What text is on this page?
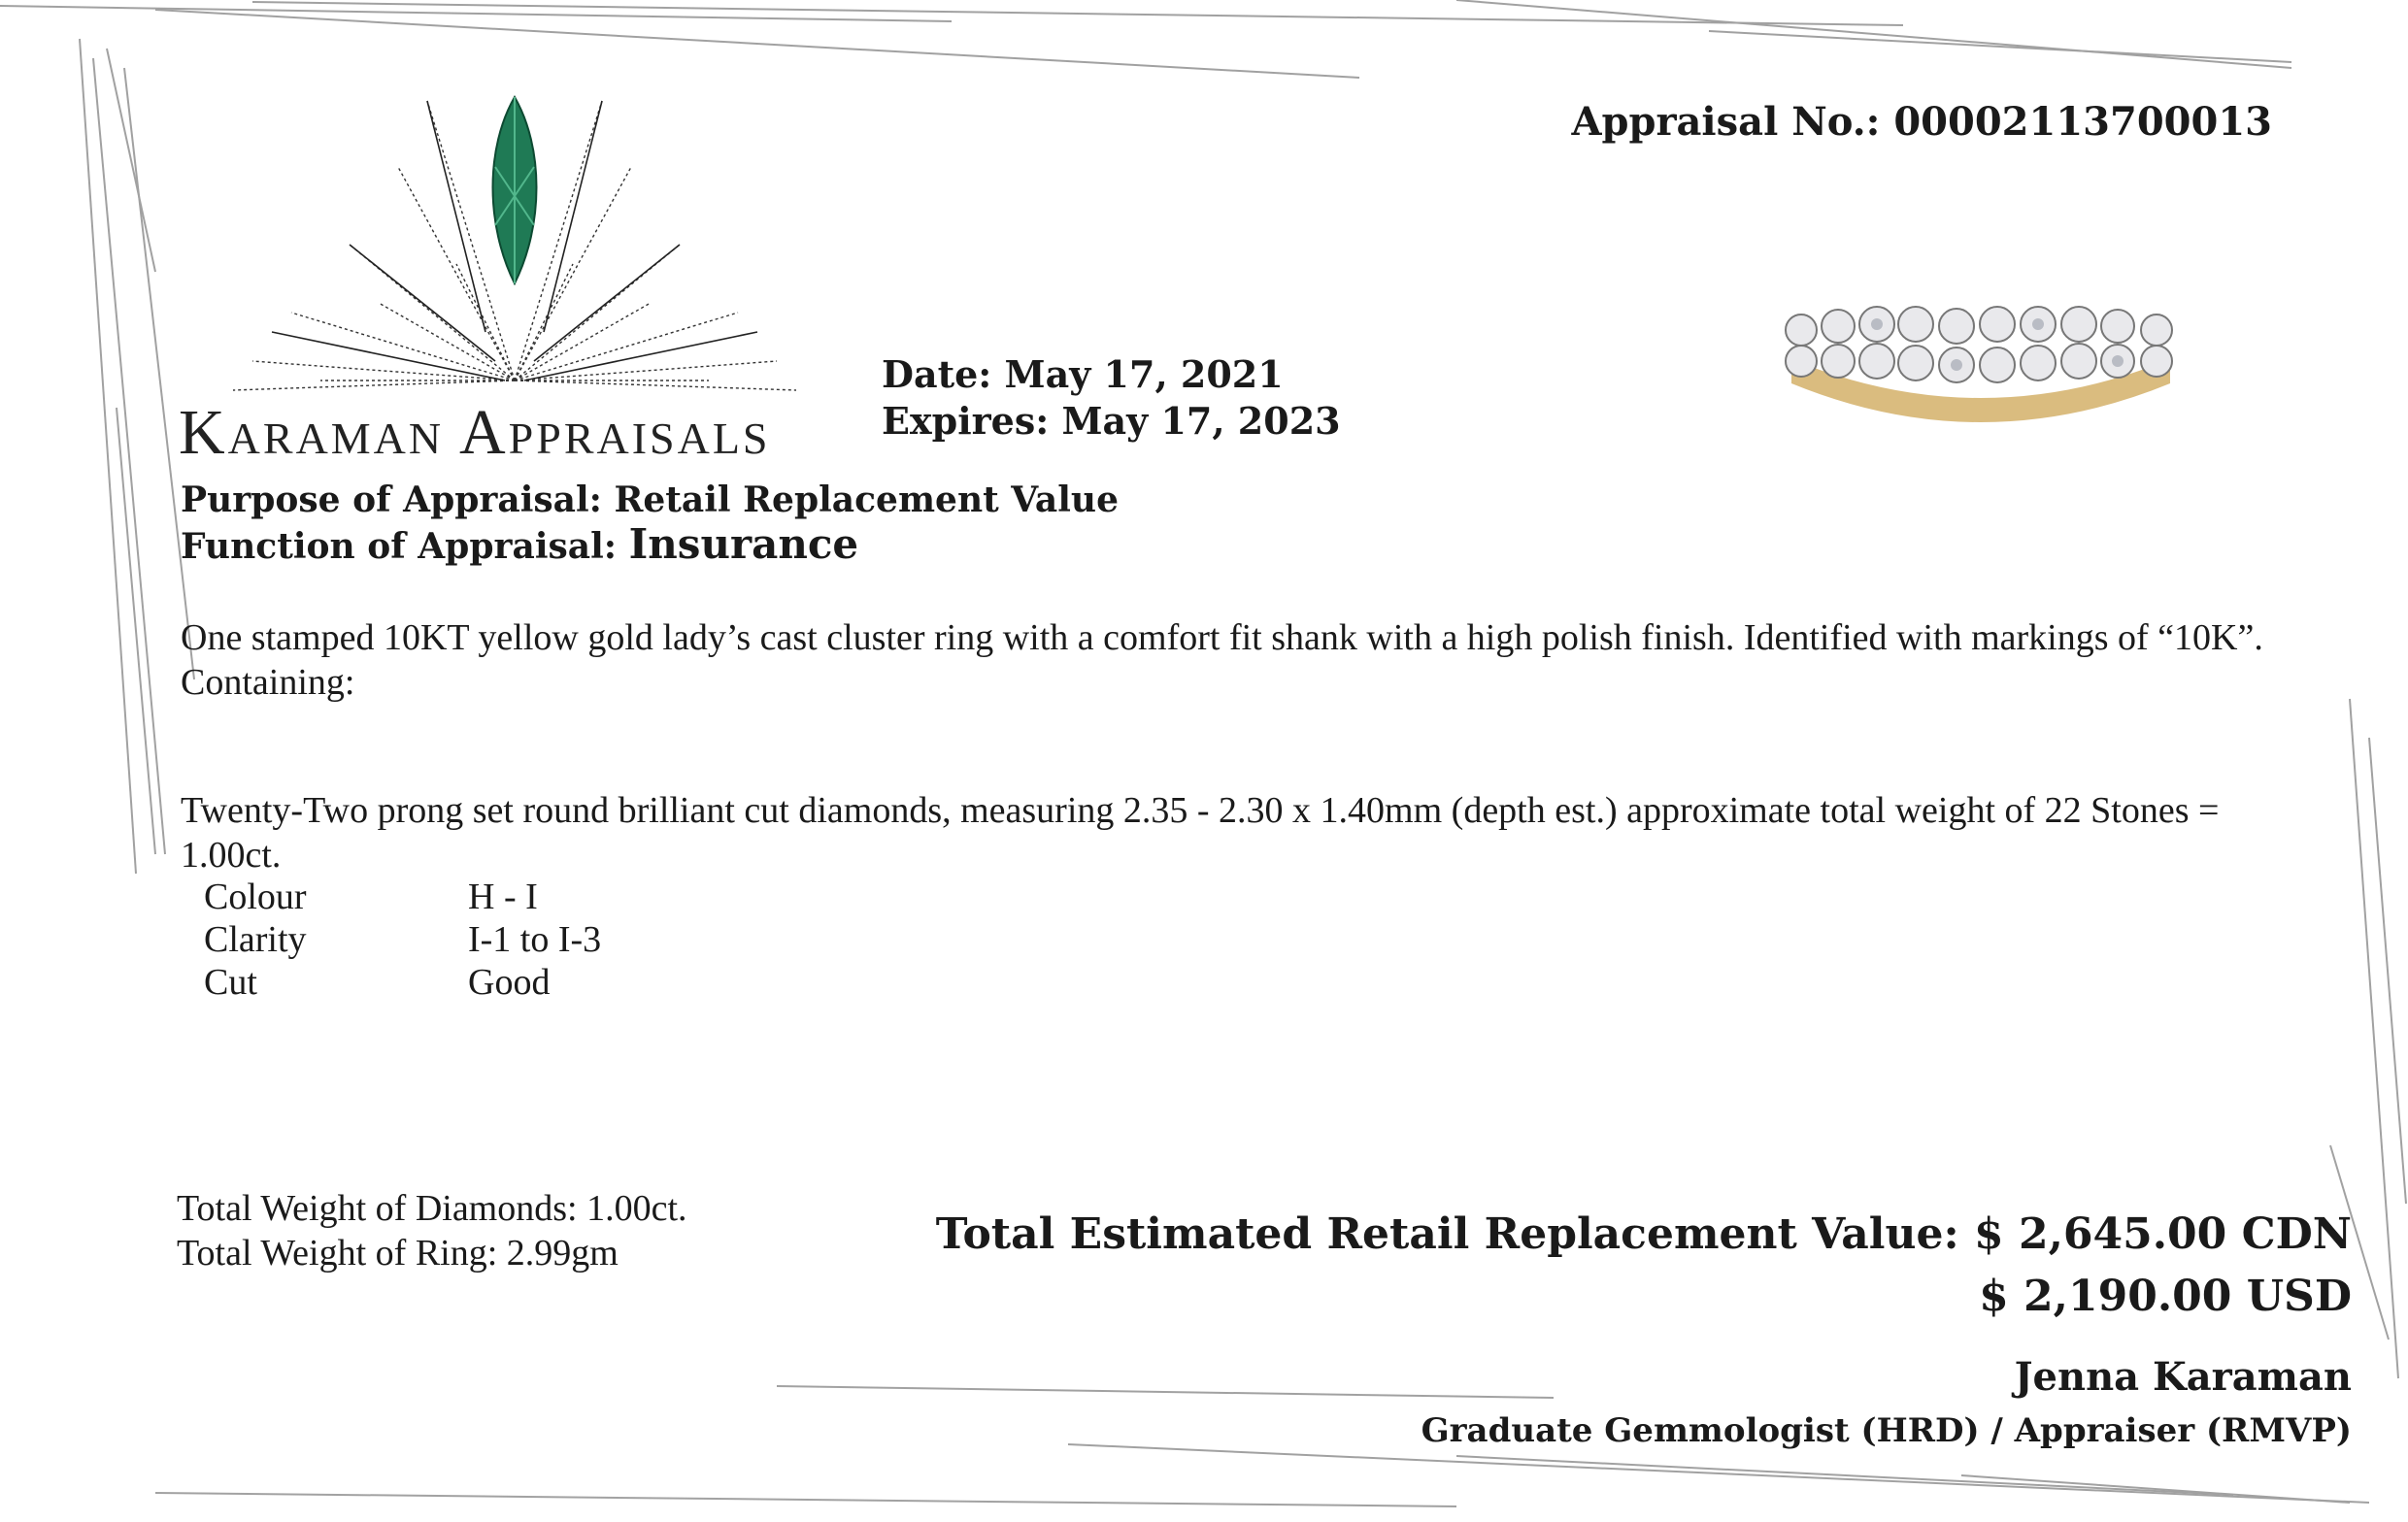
Appraisal No.: 00002113700013
Karaman Appraisals
Date: May 17, 2021
Expires: May 17, 2023
Purpose of Appraisal: Retail Replacement Value
Function of Appraisal: Insurance
One stamped 10KT yellow gold lady’s cast cluster ring with a comfort fit shank with a high polish finish. Identified with markings of “10K”.
Containing:
Twenty-Two prong set round brilliant cut diamonds, measuring 2.35 - 2.30 x 1.40mm (depth est.) approximate total weight of 22 Stones = 1.00ct.
Colour	H - I
Clarity	I-1 to I-3
Cut	Good
Total Weight of Diamonds: 1.00ct.
Total Weight of Ring: 2.99gm	Total Estimated Retail Replacement Value: $ 2,645.00 CDN
$ 2,190.00 USD
Jenna Karaman
Graduate Gemmologist (HRD) / Appraiser (RMVP)
